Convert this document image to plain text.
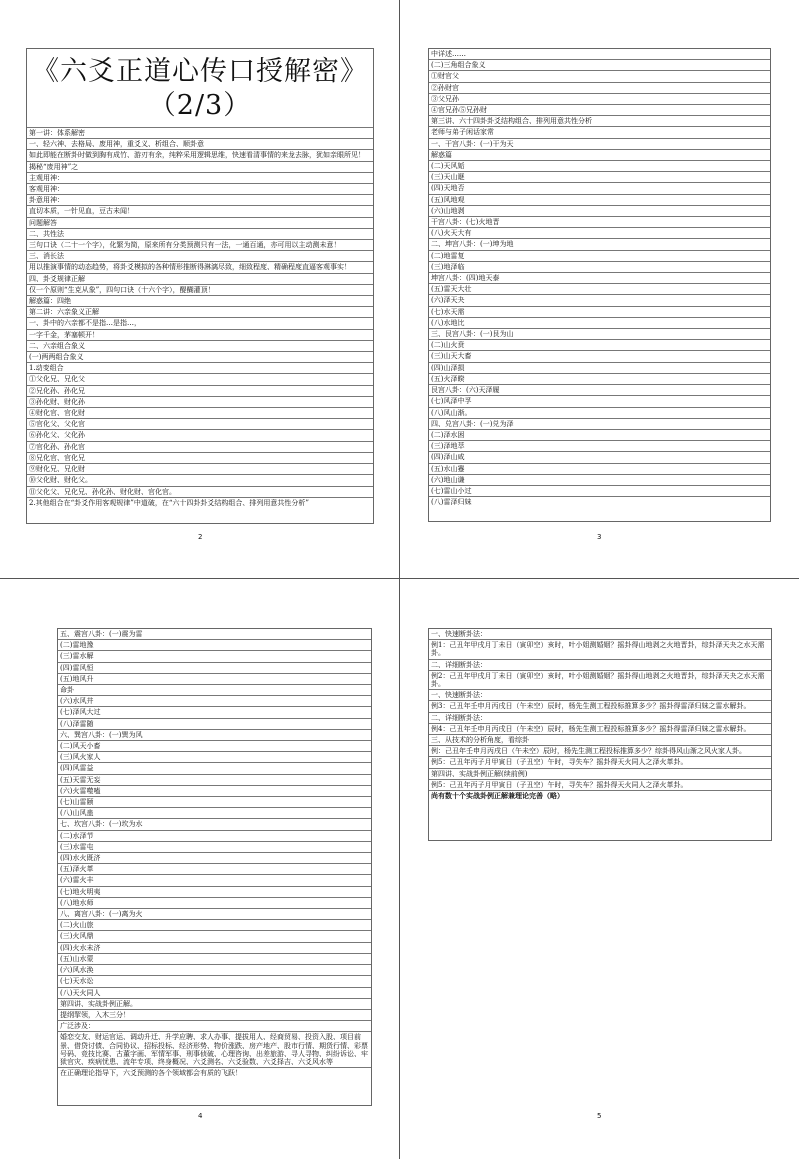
《六爻正道心传口授解密》（2/3）
第一讲：体系解密
一、轻六神、去格局、废用神，重爻义、析组合、顺卦意
如此即能在断卦时做到胸有成竹、游刃有余，纯粹采用逻辑思维，快速看清事情的来龙去脉，犹如亲眼所见！
揭秘“废用神”之
主观用神：
客观用神：
卦意用神：
直切本质，一针见血，豆古未闻！
问题解答
二、共性法
三句口诀（二十一个字），化繁为简，原来所有分类预测只有一法，一通百通，亦可用以主动测未意！
三、消长法
用以推演事情的动态趋势，将卦爻模拟的各种情形推断得淋漓尽致，细致程度、精确程度直逼客观事实！
四、卦爻规律正解
仅一个原则“生克从象”，四句口诀（十六个字），醍醐灌顶！
解惑篇：四绝
第二讲：六亲象义正解
一、卦中的六亲都不是指…是指…，
一字千金，茅塞顿开！
二、六亲组合象义
(一)两两组合象义
1.动变组合
①父化兄、兄化父
②兄化孙、孙化兄
③孙化财、财化孙
④财化官、官化财
⑤官化父、父化官
⑥孙化父、父化孙
⑦官化孙、孙化官
⑧兄化官、官化兄
⑨财化兄、兄化财
⑩父化财、财化父。
⑪父化父、兄化兄、孙化孙、财化财、官化官。
2.其他组合在“卦爻作用客观规律”中道破，在“六十四卦卦爻结构组合、排列用意共性分析”
2
中详述……
(二)三角组合象义
①财官父
②孙财官
③父兄孙
④官兄孙⑤兄孙财
第三讲、六十四卦卦爻结构组合、排列用意共性分析
老师与弟子闲话家常
一、干宫八卦：(一)干为天
解惑篇
(二)天风姤
(三)天山遯
(四)天地否
(五)风地观
(六)山地剥
干宫八卦：(七)火地晋
(八)火天大有
二、坤宫八卦：(一)坤为地
(二)地雷复
(三)地泽临
坤宫八卦：(四)地天泰
(五)雷天大壮
(六)泽天夬
(七)水天需
(八)水地比
三、艮宫八卦：(一)艮为山
(二)山火贲
(三)山天大畜
(四)山泽损
(五)火泽睽
艮宫八卦：(六)天泽履
(七)风泽中孚
(八)风山渐。
四、兑宫八卦：(一)兑为泽
(二)泽水困
(三)泽地萃
(四)泽山咸
(五)水山蹇
(六)地山谦
(七)雷山小过
(八)雷泽归妹
3
五、震宫八卦：(一)震为雷
(二)雷地豫
(三)雷水解
(四)雷风恒
(五)地风升
命卦
(六)水风井
(七)泽风大过
(八)泽雷随
六、巽宫八卦：(一)巽为风
(二)风天小畜
(三)风火家人
(四)风雷益
(五)天雷无妄
(六)火雷噬嗑
(七)山雷颐
(八)山风蛊
七、坎宫八卦：(一)坎为水
(二)水泽节
(三)水雷屯
(四)水火既济
(五)泽火革
(六)雷火丰
(七)地火明夷
(八)地水师
八、离宫八卦：(一)离为火
(二)火山旅
(三)火风鼎
(四)火水未济
(五)山水蒙
(六)风水涣
(七)天水讼
(八)天火同人
第四讲、实战卦例正解。
提纲挈领，入木三分！
广泛涉及：
婚恋交友、财运官运、调动升迁、升学应聘、求人办事、提拔用人、经商贸易、投资入股、项目前景、借贷讨债、合同协议、招标投标、经济形势、物价涨跌、房产地产、股市行情、期货行情、彩票号码、竞技比赛、古董字画、军情军事、刑事侦破、心理咨询、出差旅游、寻人寻物、纠纷诉讼、牢狱官灾、疾病忧患、流年专项、终身概况、六爻测名、六爻验数、六爻择吉、六爻风水等
在正确理论指导下，六爻预测的各个领域都会有质的飞跃！
4
一、快速断卦法：
例1：己丑年甲戌月丁未日（寅卯空）亥时，叶小姐测婚姻？摇卦得山地剥之火地晋卦，综卦泽天夬之水天需卦。
二、详细断卦法：
例2：己丑年甲戌月丁未日（寅卯空）亥时，叶小姐测婚姻？摇卦得山地剥之火地晋卦，综卦泽天夬之水天需卦。
一、快速断卦法：
例3：己丑年壬申月丙戌日（午未空）辰时，杨先生测工程投标推算多少？摇卦得雷泽归妹之雷水解卦。
二、详细断卦法：
例4：己丑年壬申月丙戌日（午未空）辰时，杨先生测工程投标推算多少？摇卦得雷泽归妹之雷水解卦。
三、从技术的分析角度，看综卦
例：己丑年壬申月丙戌日（午未空）辰时，杨先生测工程投标推算多少？综卦得风山渐之风火家人卦。
例5：己丑年丙子月甲寅日（子丑空）午时，寻失车？摇卦得天火同人之泽火革卦。
第四讲、实战卦例正解(续前例)
例5：己丑年丙子月甲寅日（子丑空）午时，寻失车？摇卦得天火同人之泽火革卦。
尚有数十个实战卦例正解兼理论完善（略）
5
